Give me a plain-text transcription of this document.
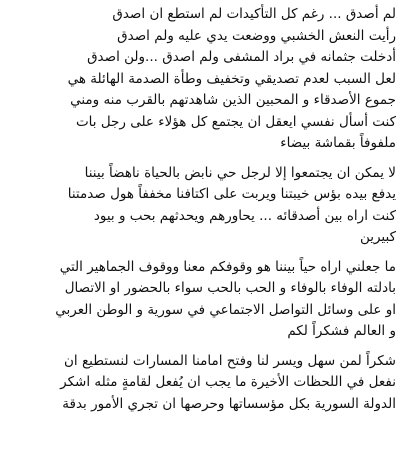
لم أصدق ... رغم كل التأكيدات لم استطع ان اصدق
رأيت النعش الخشبي ووضعت يدي عليه ولم اصدق
أدخلت جثمانه في براد المشفى ولم اصدق ...ولن اصدق
لعل السبب لعدم تصديقي وتخفيف وطأة الصدمة الهائلة هي
جموع الأصدقاء و المحبين الذين شاهدتهم بالقرب منه ومني
كنت أسأل نفسي ايعقل ان يجتمع كل هؤلاء على رجل بات
ملفوفاً بقماشة بيضاء
لا يمكن ان يجتمعوا إلا لرجل حي نابض بالحياة ناهضاً بيننا
يدفع بيده بؤس خيبتنا ويربت على اكتافنا مخففاً هول صدمتنا
كنت اراه بين أصدقائه ... يحاورهم ويحدثهم بحب و بيود
كبيرين
ما جعلني اراه حياً بيننا هو وقوفكم معنا ووقوف الجماهير التي
بادلته الوفاء بالوفاء و الحب بالحب سواء بالحضور او الاتصال
او على وسائل التواصل الاجتماعي في سورية و الوطن العربي
و العالم فشكراً لكم
شكراً لمن سهل ويسر لنا وفتح امامنا المسارات لنستطيع ان
نفعل في اللحظات الأخيرة ما يجب ان يُفعل لقامةٍ مثله اشكر
الدولة السورية بكل مؤسساتها وحرصها ان تجري الأمور بدقة
